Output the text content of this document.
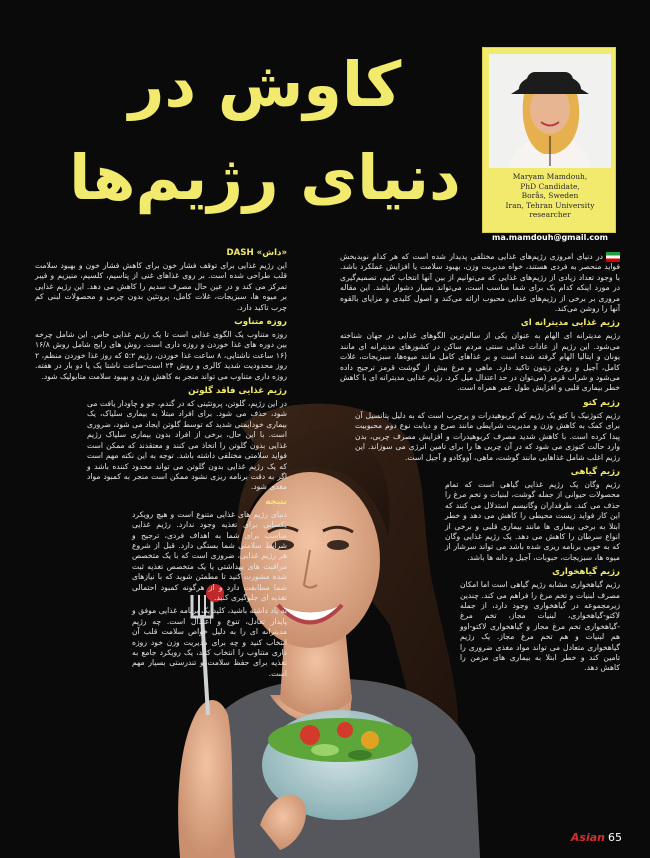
کاوش در
دنیای رژیم‌ها	Maryam Mamdouh,
PhD Candidate,
Borås, Sweden
Iran, Tehran University
researcher
ma.mamdouh@gmail.com

در دنیای امروزی رژیم‌های غذایی مختلفی پدیدار شده است که هر کدام نوید‌بخش فواید منحصر به فردی هستند، خواه مدیریت وزن، بهبود سلامت یا افزایش عملکرد باشد. با وجود تعداد زیادی از رژیم‌های غذایی که می‌توانیم از بین آنها انتخاب کنیم، تصمیم‌گیری در مورد اینکه کدام یک برای شما مناسب است، می‌تواند بسیار دشوار باشد. این مقاله مروری بر برخی از رژیم‌های غذایی محبوب ارائه می‌کند و اصول کلیدی و مزایای بالقوه آنها را روشن می‌کند.

رژیم غذایی مدیترانه ای

رژیم مدیترانه ای الهام به عنوان یکی از سالم‌ترین الگوهای غذایی در جهان شناخته می‌شود. این رژیم از عادات غذایی سنتی مردم ساکن در کشورهای مدیترانه ای مانند یونان و ایتالیا الهام گرفته شده است و بر غذاهای کامل مانند میوه‌ها، سبزیجات، غلات کامل، آجیل و روغن زیتون تاکید دارد. ماهی و مرغ بیش از گوشت قرمز ترجیح داده می‌شود و شراب قرمز (می‌توان در حد اعتدال میل کرد. رژیم غذایی مدیترانه ای با کاهش خطر بیماری قلبی و افزایش طول عمر همراه است.

رژیم کتو

رژیم کتوژنیک یا کتو یک رژیم کم کربوهیدرات و پرچرب است که به دلیل پتانسیل آن برای کمک به کاهش وزن و مدیریت شرایطی مانند صرع و دیابت نوع دوم محبوبیت پیدا کرده است. با کاهش شدید مصرف کربوهیدرات و افزایش مصرف چربی، بدن وارد حالت کتوزی می شود که در آن چربی ها را برای تامین انرژی می سوزاند. این رژیم اغلب شامل غذاهایی مانند گوشت، ماهی، آووکادو و آجیل است.

رژیم گیاهی

رژیم وگان یک رژیم غذایی گیاهی است که تمام محصولات حیوانی از جمله گوشت، لبنیات و تخم مرغ را حذف می کند. طرفداران وگانیسم استدلال می کنند که این کار فواید زیست محیطی را کاهش می دهد و خطر ابتلا به برخی بیماری ها مانند بیماری قلبی و برخی از انواع سرطان را کاهش می دهد. یک رژیم غذایی وگان که به خوبی برنامه ریزی شده باشد می تواند سرشار از میوه ها، سبزیجات، حبوبات، آجیل و دانه ها باشد.

رژیم گیاهخواری

رژیم گیاهخواری مشابه رژیم گیاهی است اما امکان مصرف لبنیات و تخم مرغ را فراهم می کند. چندین زیرمجموعه در گیاهخواری وجود دارد، از جمله لاکتو-گیاهخواری، لبنیات مجاز، تخم مرغ -گیاهخواری تخم مرغ مجاز و گیاهخواری لاکتو-اوو هم لبنیات و هم تخم مرغ مجاز. یک رژیم گیاهخواری متعادل می تواند مواد مغذی ضروری را تامین کند و خطر ابتلا به بیماری های مزمن را کاهش دهد.

«داش» DASH

این رژیم غذایی برای توقف فشار خون برای کاهش فشار خون و بهبود سلامت قلب طراحی شده است. بر روی غذاهای غنی از پتاسیم، کلسیم، منیزیم و فیبر تمرکز می کند و در عین حال مصرف سدیم را کاهش می دهد. این رژیم غذایی بر میوه ها، سبزیجات، غلات کامل، پروتئین بدون چربی و محصولات لبنی کم چرب تاکید دارد.

روزه متناوب

روزه متناوب یک الگوی غذایی است تا یک رژیم غذایی خاص. این شامل چرخه بین دوره های غذا خوردن و روزه داری است. روش های رایج شامل روش ۱۶/۸ (۱۶ ساعت ناشتایی، ۸ ساعت غذا خوردن، رژیم ۵:۲ که روز غذا خوردن منظم، ۲ روز محدودیت شدید کالری و روش ۲۴ است-ساعت ناشتا یک یا دو بار در هفته. روزه داری متناوب می تواند منجر به کاهش وزن و بهبود سلامت متابولیک شود.

رژیم غذایی فاقد گلوتن

در این رژیم، گلوتن، پروتئینی که در گندم، جو و چاودار یافت می شود، حذف می شود. برای افراد مبتلا به بیماری سلیاک، یک بیماری خودایمنی شدید که توسط گلوتن ایجاد می شود، ضروری است. با این حال، برخی از افراد بدون بیماری سلیاک رژیم غذایی بدون گلوتن را اتخاذ می کنند و معتقدند که ممکن است فواید سلامتی مختلفی داشته باشد. توجه به این نکته مهم است که یک رژیم غذایی بدون گلوتن می تواند محدود کننده باشد و اگر به دقت برنامه ریزی نشود ممکن است منجر به کمبود مواد مغذی شود.

نتیجه

دنیای رژیم های غذایی متنوع است و هیچ رویکرد یکسانی برای تغذیه وجود ندارد. رژیم غذایی مناسب برای شما به اهداف فردی، ترجیح و شرایط سلامتی شما بستگی دارد. قبل از شروع هر رژیم غذایی، ضروری است که با یک متخصص مراقبت های بهداشتی یا یک متخصص تغذیه ثبت شده مشورت کنید تا مطمئن شوید که با نیازهای شما مطابقت دارد و از هرگونه کمبود احتمالی تغذیه ای جلوگیری کنید.

به یاد داشته باشید، کلید یک برنامه غذایی موفق و پایدار تعادل، تنوع و اعتدال است. چه رژیم مدیترانه ای را به دلیل خواص سلامت قلب آن انتخاب کنید و چه برای مدیریت وزن خود روزه داری متناوب را انتخاب کنید، یک رویکرد جامع به تغذیه برای حفظ سلامت و تندرستی بسیار مهم است.

Asian 65
